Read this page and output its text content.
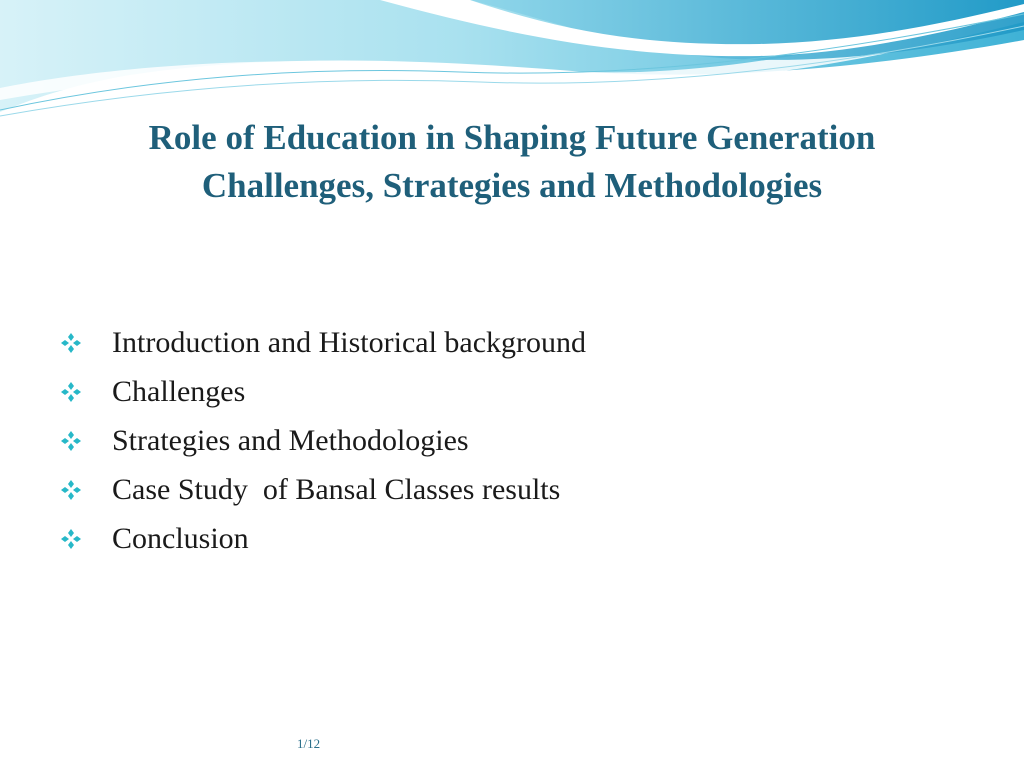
Role of Education in Shaping Future Generation
Challenges, Strategies and Methodologies
Introduction and Historical background
Challenges
Strategies and Methodologies
Case Study  of Bansal Classes results
Conclusion
1/12
